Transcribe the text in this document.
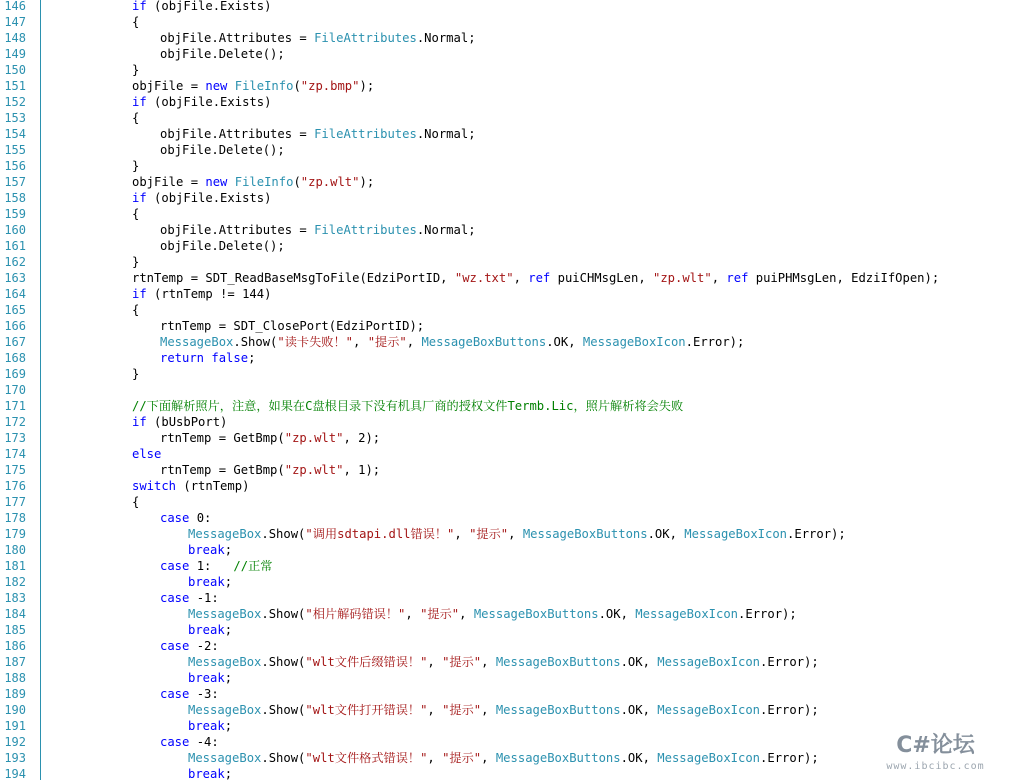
146	if (objFile.Exists)
147	{
148	objFile.Attributes = FileAttributes.Normal;
149	objFile.Delete();
150	}
151	objFile = new FileInfo("zp.bmp");
152	if (objFile.Exists)
153	{
154	objFile.Attributes = FileAttributes.Normal;
155	objFile.Delete();
156	}
157	objFile = new FileInfo("zp.wlt");
158	if (objFile.Exists)
159	{
160	objFile.Attributes = FileAttributes.Normal;
161	objFile.Delete();
162	}
163	rtnTemp = SDT_ReadBaseMsgToFile(EdziPortID, "wz.txt", ref puiCHMsgLen, "zp.wlt", ref puiPHMsgLen, EdziIfOpen);
164	if (rtnTemp != 144)
165	{
166	rtnTemp = SDT_ClosePort(EdziPortID);
167	MessageBox.Show("读卡失败！", "提示", MessageBoxButtons.OK, MessageBoxIcon.Error);
168	return false;
169	}
170
171	//下面解析照片，注意，如果在C盘根目录下没有机具厂商的授权文件Termb.Lic，照片解析将会失败
172	if (bUsbPort)
173	rtnTemp = GetBmp("zp.wlt", 2);
174	else
175	rtnTemp = GetBmp("zp.wlt", 1);
176	switch (rtnTemp)
177	{
178	case 0:
179	MessageBox.Show("调用sdtapi.dll错误！", "提示", MessageBoxButtons.OK, MessageBoxIcon.Error);
180	break;
181	case 1:   //正常
182	break;
183	case -1:
184	MessageBox.Show("相片解码错误！", "提示", MessageBoxButtons.OK, MessageBoxIcon.Error);
185	break;
186	case -2:
187	MessageBox.Show("wlt文件后缀错误！", "提示", MessageBoxButtons.OK, MessageBoxIcon.Error);
188	break;
189	case -3:
190	MessageBox.Show("wlt文件打开错误！", "提示", MessageBoxButtons.OK, MessageBoxIcon.Error);
191	break;
192	case -4:
193	MessageBox.Show("wlt文件格式错误！", "提示", MessageBoxButtons.OK, MessageBoxIcon.Error);
194	break;
C#论坛
www.ibcibc.com
